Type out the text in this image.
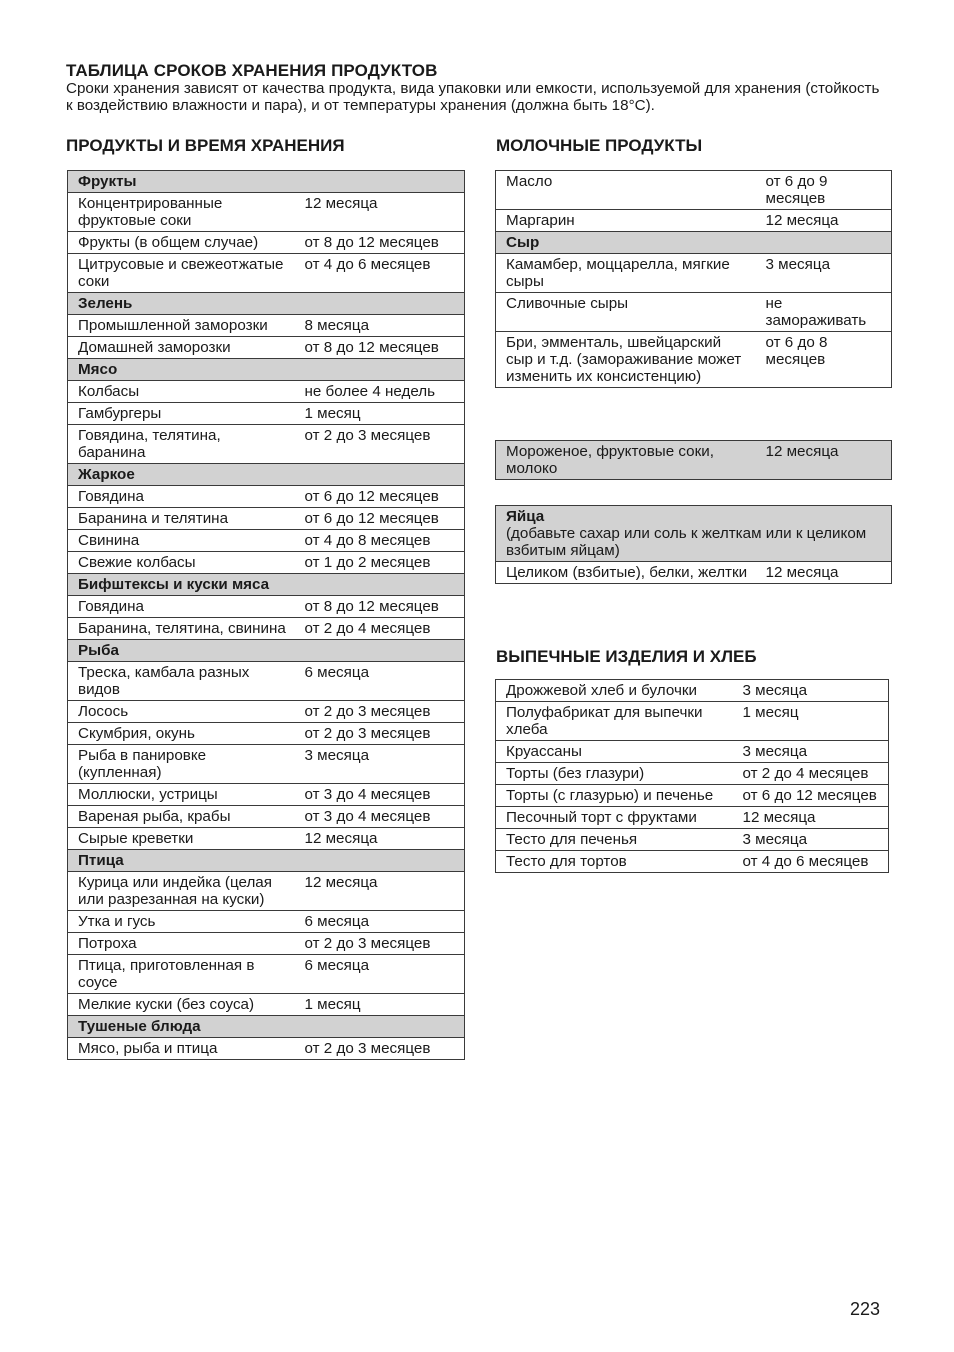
ТАБЛИЦА СРОКОВ ХРАНЕНИЯ ПРОДУКТОВ

Сроки хранения зависят от качества продукта, вида упаковки или емкости, используемой для хранения (стойкость к воздействию влажности и пара), и от температуры хранения (должна быть 18°С).

ПРОДУКТЫ И ВРЕМЯ ХРАНЕНИЯ	МОЛОЧНЫЕ ПРОДУКТЫ
ВЫПЕЧНЫЕ ИЗДЕЛИЯ И ХЛЕБ
Фрукты	
Концентрированные фруктовые соки	12 месяца
Фрукты (в общем случае)	от 8 до 12 месяцев
Цитрусовые и свежеотжатые соки	от 4 до 6 месяцев
Зелень	
Промышленной заморозки	8 месяца
Домашней заморозки	от 8 до 12 месяцев
Мясо	
Колбасы	не более 4 недель
Гамбургеры	1 месяц
Говядина, телятина, баранина	от 2 до 3 месяцев
Жаркое	
Говядина	от 6 до 12 месяцев
Баранина и телятина	от 6 до 12 месяцев
Свинина	от 4 до 8 месяцев
Свежие колбасы	от 1 до 2 месяцев
Бифштексы и куски мяса	
Говядина	от 8 до 12 месяцев
Баранина, телятина, свинина	от 2 до 4 месяцев
Рыба	
Треска, камбала разных видов	6 месяца
Лосось	от 2 до 3 месяцев
Скумбрия, окунь	от 2 до 3 месяцев
Рыба в панировке (купленная)	3 месяца
Моллюски, устрицы	от 3 до 4 месяцев
Вареная рыба, крабы	от 3 до 4 месяцев
Сырые креветки	12 месяца
Птица	
Курица или индейка (целая или разрезанная на куски)	12 месяца
Утка и гусь	6 месяца
Потроха	от 2 до 3 месяцев
Птица, приготовленная в соусе	6 месяца
Мелкие куски (без соуса)	1 месяц
Тушеные блюда	
Мясо, рыба и птица	от 2 до 3 месяцев
Масло	от 6 до 9 месяцев
Маргарин	12 месяца
Сыр	
Камамбер, моццарелла, мягкие сыры	3 месяца
Сливочные сыры	не замораживать
Бри, эмменталь, швейцарский сыр и т.д. (замораживание может изменить их консистенцию)	от 6 до 8 месяцев
Мороженое, фруктовые соки, молоко	12 месяца
Яйца
(добавьте сахар или соль к желткам или к целиком взбитым яйцам)

Целиком (взбитые), белки, желтки	12 месяца
Дрожжевой хлеб и булочки	3 месяца
Полуфабрикат для выпечки хлеба	1 месяц
Круассаны	3 месяца
Торты (без глазури)	от 2 до 4 месяцев
Торты (с глазурью) и печенье	от 6 до 12 месяцев
Песочный торт с фруктами	12 месяца
Тесто для печенья	3 месяца
Тесто для тортов	от 4 до 6 месяцев
223
